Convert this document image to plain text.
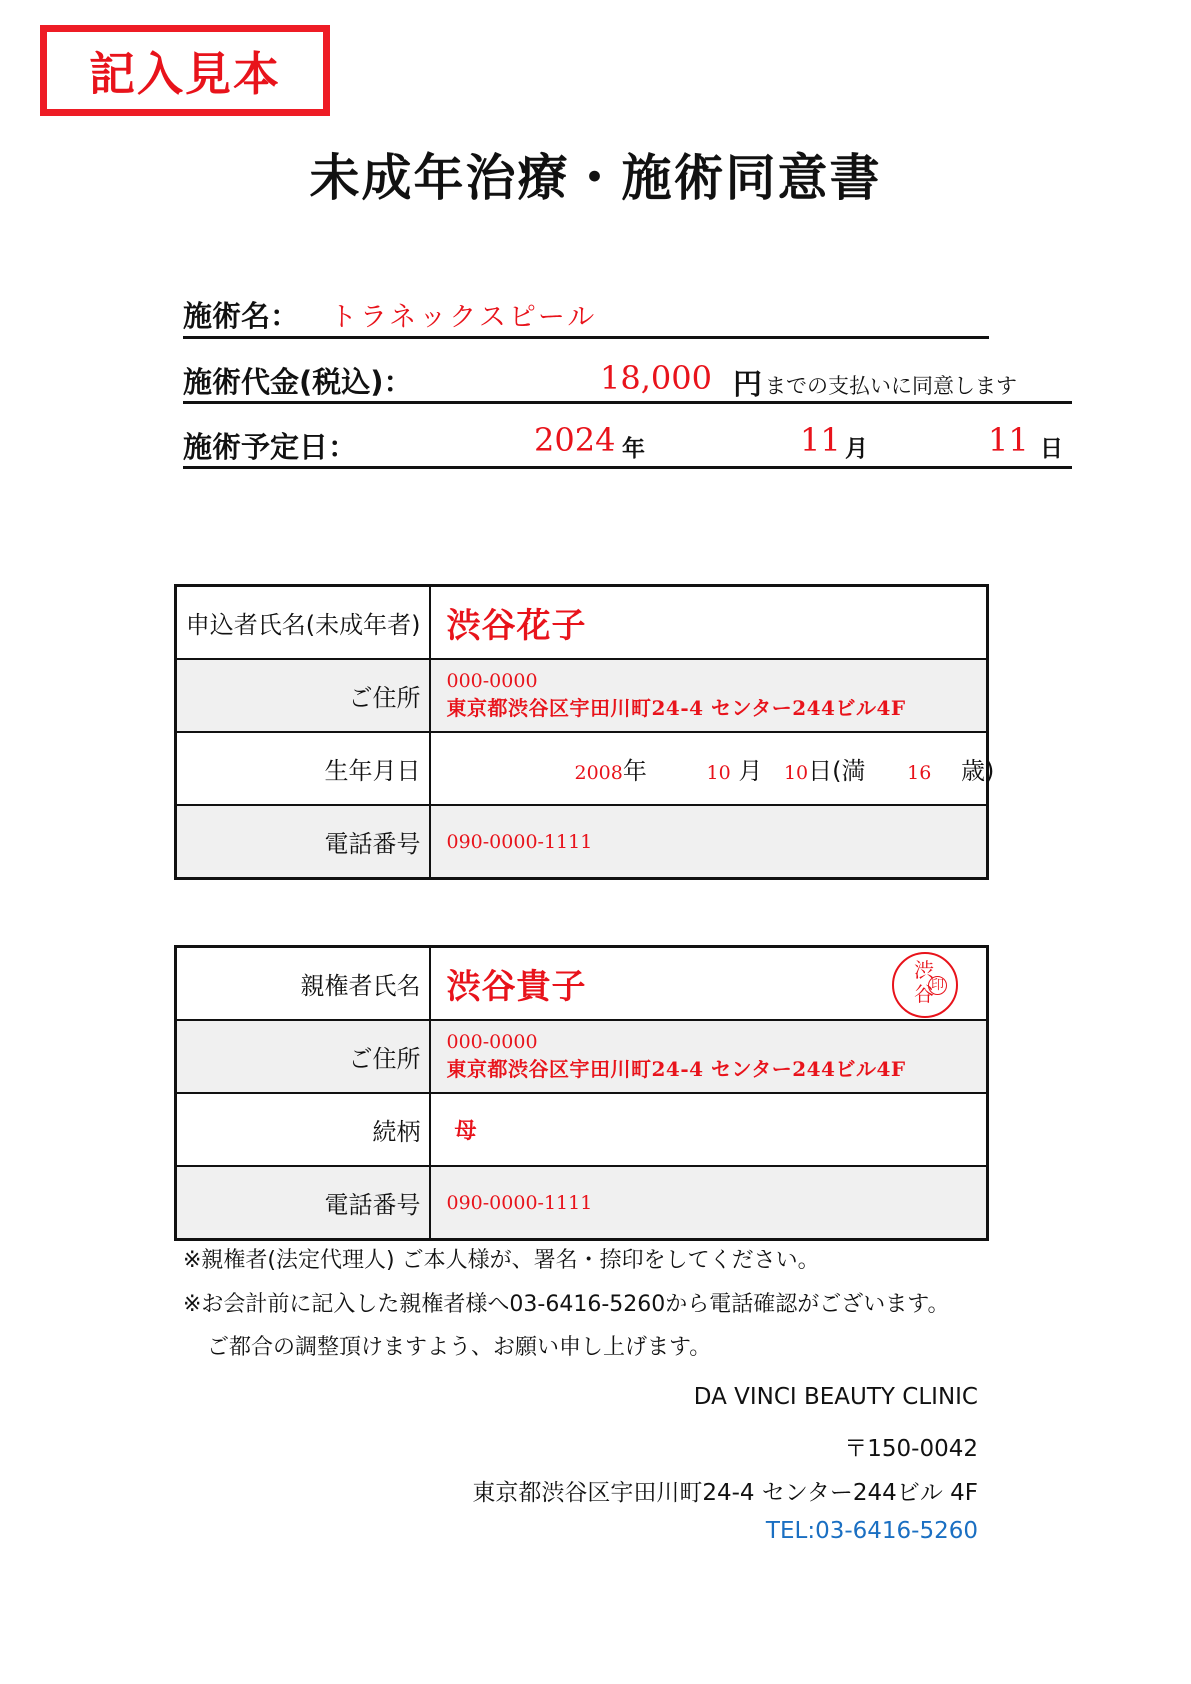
記入見本
未成年治療・施術同意書
施術名： トラネックスピール
施術代金(税込)：	18,000 円 までの支払いに同意します
施術予定日：	2024 年	11 月	11 日
申込者氏名(未成年者)	渋谷花子
ご住所	000-0000
東京都渋谷区宇田川町24-4 センター244ビル4F

生年月日	2008年 10 月 10日(満 16 歳)
電話番号	090-0000-1111
親権者氏名	渋谷貴子 渋
谷
印

ご住所	000-0000
東京都渋谷区宇田川町24-4 センター244ビル4F

続柄	母
電話番号	090-0000-1111
※親権者(法定代理人) ご本人様が、署名・捺印をしてください。
※お会計前に記入した親権者様へ03-6416-5260から電話確認がございます。
ご都合の調整頂けますよう、お願い申し上げます。
DA VINCI BEAUTY CLINIC
〒150-0042
東京都渋谷区宇田川町24-4 センター244ビル 4F
TEL:03-6416-5260
